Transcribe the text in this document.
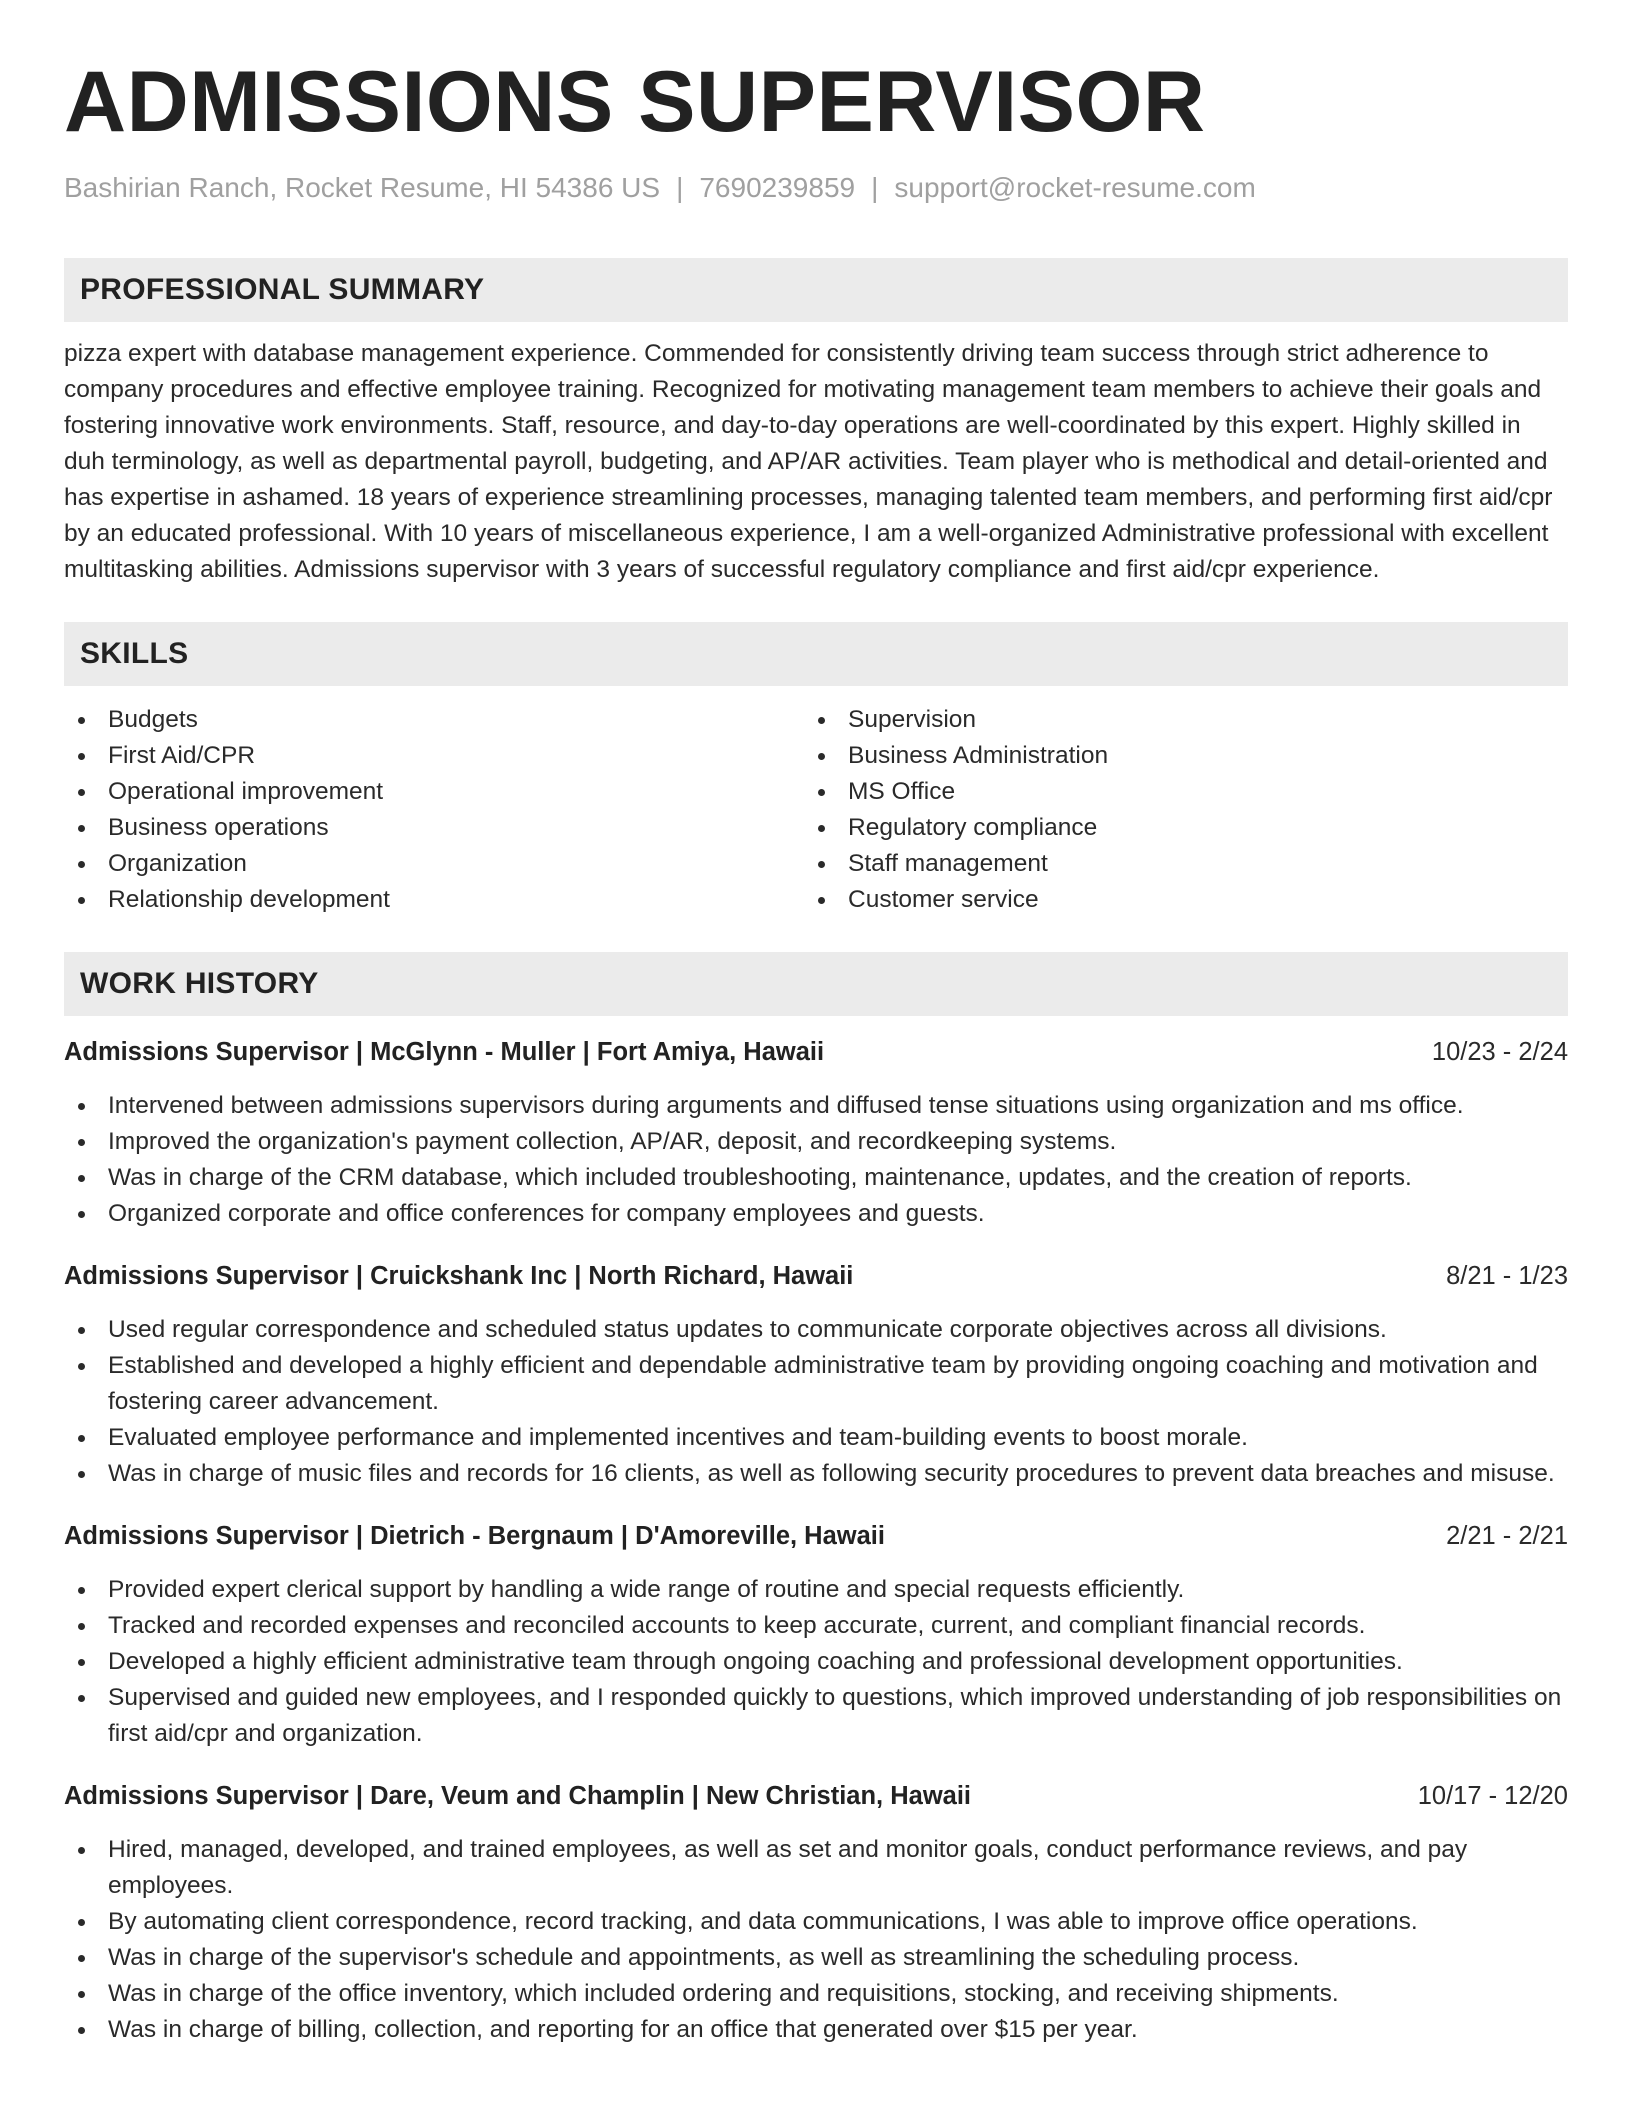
ADMISSIONS SUPERVISOR
Bashirian Ranch, Rocket Resume, HI 54386 US | 7690239859 | support@rocket-resume.com
PROFESSIONAL SUMMARY
pizza expert with database management experience. Commended for consistently driving team success through strict adherence to company procedures and effective employee training. Recognized for motivating management team members to achieve their goals and fostering innovative work environments. Staff, resource, and day-to-day operations are well-coordinated by this expert. Highly skilled in duh terminology, as well as departmental payroll, budgeting, and AP/AR activities. Team player who is methodical and detail-oriented and has expertise in ashamed. 18 years of experience streamlining processes, managing talented team members, and performing first aid/cpr by an educated professional. With 10 years of miscellaneous experience, I am a well-organized Administrative professional with excellent multitasking abilities. Admissions supervisor with 3 years of successful regulatory compliance and first aid/cpr experience.
SKILLS
Budgets
First Aid/CPR
Operational improvement
Business operations
Organization
Relationship development
Supervision
Business Administration
MS Office
Regulatory compliance
Staff management
Customer service
WORK HISTORY
Admissions Supervisor | McGlynn - Muller | Fort Amiya, Hawaii	10/23 - 2/24
Intervened between admissions supervisors during arguments and diffused tense situations using organization and ms office.
Improved the organization's payment collection, AP/AR, deposit, and recordkeeping systems.
Was in charge of the CRM database, which included troubleshooting, maintenance, updates, and the creation of reports.
Organized corporate and office conferences for company employees and guests.
Admissions Supervisor | Cruickshank Inc | North Richard, Hawaii	8/21 - 1/23
Used regular correspondence and scheduled status updates to communicate corporate objectives across all divisions.
Established and developed a highly efficient and dependable administrative team by providing ongoing coaching and motivation and fostering career advancement.
Evaluated employee performance and implemented incentives and team-building events to boost morale.
Was in charge of music files and records for 16 clients, as well as following security procedures to prevent data breaches and misuse.
Admissions Supervisor | Dietrich - Bergnaum | D'Amoreville, Hawaii	2/21 - 2/21
Provided expert clerical support by handling a wide range of routine and special requests efficiently.
Tracked and recorded expenses and reconciled accounts to keep accurate, current, and compliant financial records.
Developed a highly efficient administrative team through ongoing coaching and professional development opportunities.
Supervised and guided new employees, and I responded quickly to questions, which improved understanding of job responsibilities on first aid/cpr and organization.
Admissions Supervisor | Dare, Veum and Champlin | New Christian, Hawaii	10/17 - 12/20
Hired, managed, developed, and trained employees, as well as set and monitor goals, conduct performance reviews, and pay employees.
By automating client correspondence, record tracking, and data communications, I was able to improve office operations.
Was in charge of the supervisor's schedule and appointments, as well as streamlining the scheduling process.
Was in charge of the office inventory, which included ordering and requisitions, stocking, and receiving shipments.
Was in charge of billing, collection, and reporting for an office that generated over $15 per year.
